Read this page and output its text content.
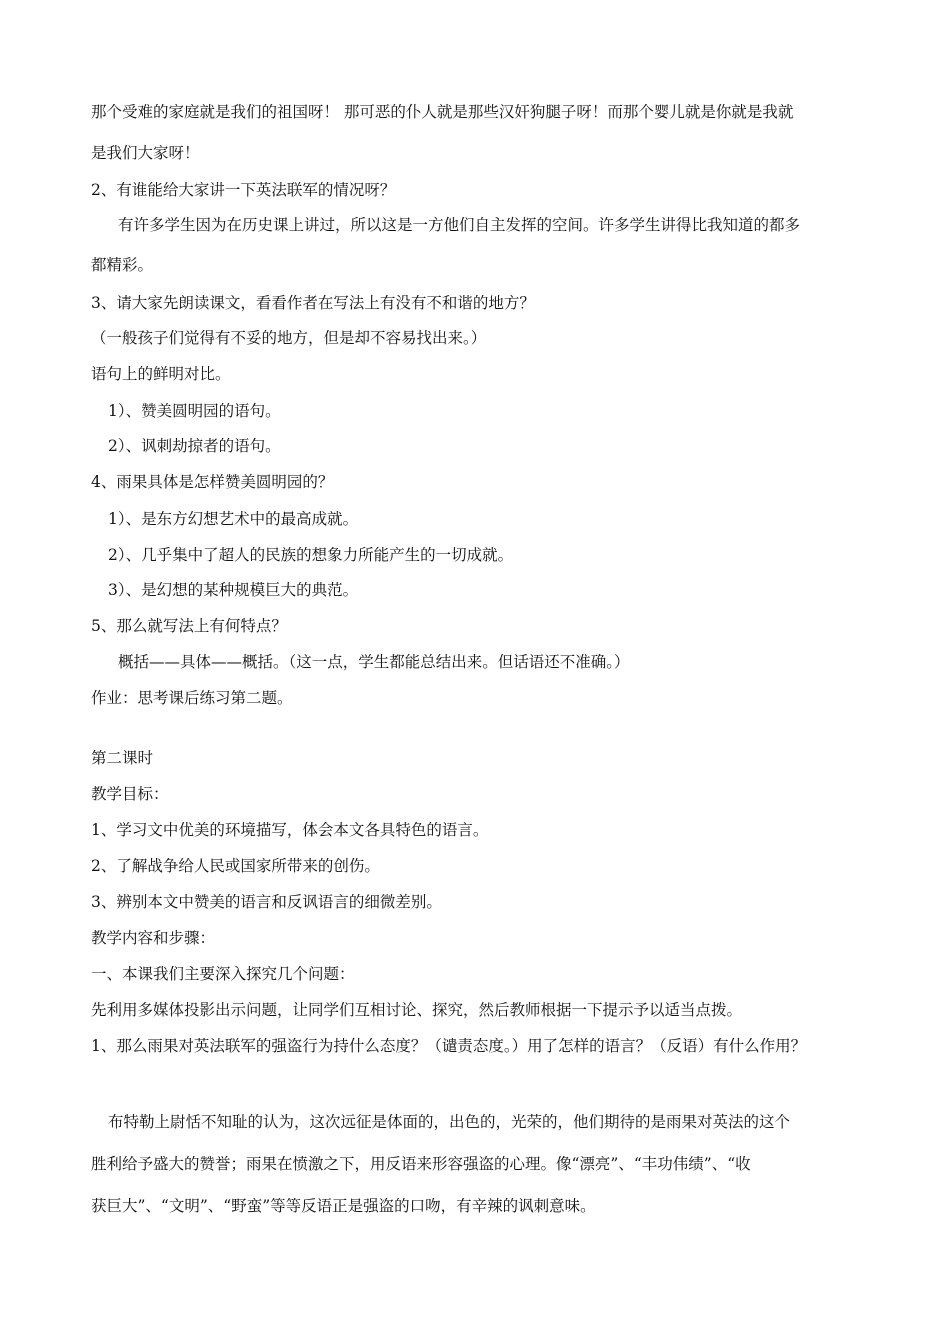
那个受难的家庭就是我们的祖国呀！ 那可恶的仆人就是那些汉奸狗腿子呀！而那个婴儿就是你就是我就
是我们大家呀！
2、有谁能给大家讲一下英法联军的情况呀？
有许多学生因为在历史课上讲过，所以这是一方他们自主发挥的空间。许多学生讲得比我知道的都多
都精彩。
3、请大家先朗读课文，看看作者在写法上有没有不和谐的地方？
（一般孩子们觉得有不妥的地方，但是却不容易找出来。）
语句上的鲜明对比。
1）、赞美圆明园的语句。
2）、讽刺劫掠者的语句。
4、雨果具体是怎样赞美圆明园的？
1）、是东方幻想艺术中的最高成就。
2）、几乎集中了超人的民族的想象力所能产生的一切成就。
3）、是幻想的某种规模巨大的典范。
5、那么就写法上有何特点？
概括——具体——概括。（这一点，学生都能总结出来。但话语还不准确。）
作业：思考课后练习第二题。
第二课时
教学目标：
1、学习文中优美的环境描写，体会本文各具特色的语言。
2、了解战争给人民或国家所带来的创伤。
3、辨别本文中赞美的语言和反讽语言的细微差别。
教学内容和步骤：
一、本课我们主要深入探究几个问题：
先利用多媒体投影出示问题，让同学们互相讨论、探究，然后教师根据一下提示予以适当点拨。
1、那么雨果对英法联军的强盗行为持什么态度？（谴责态度。）用了怎样的语言？（反语）有什么作用？
布特勒上尉恬不知耻的认为，这次远征是体面的，出色的，光荣的，他们期待的是雨果对英法的这个
胜利给予盛大的赞誉；雨果在愤激之下，用反语来形容强盗的心理。像“漂亮”、“丰功伟绩”、“收
获巨大”、“文明”、“野蛮”等等反语正是强盗的口吻，有辛辣的讽刺意味。
